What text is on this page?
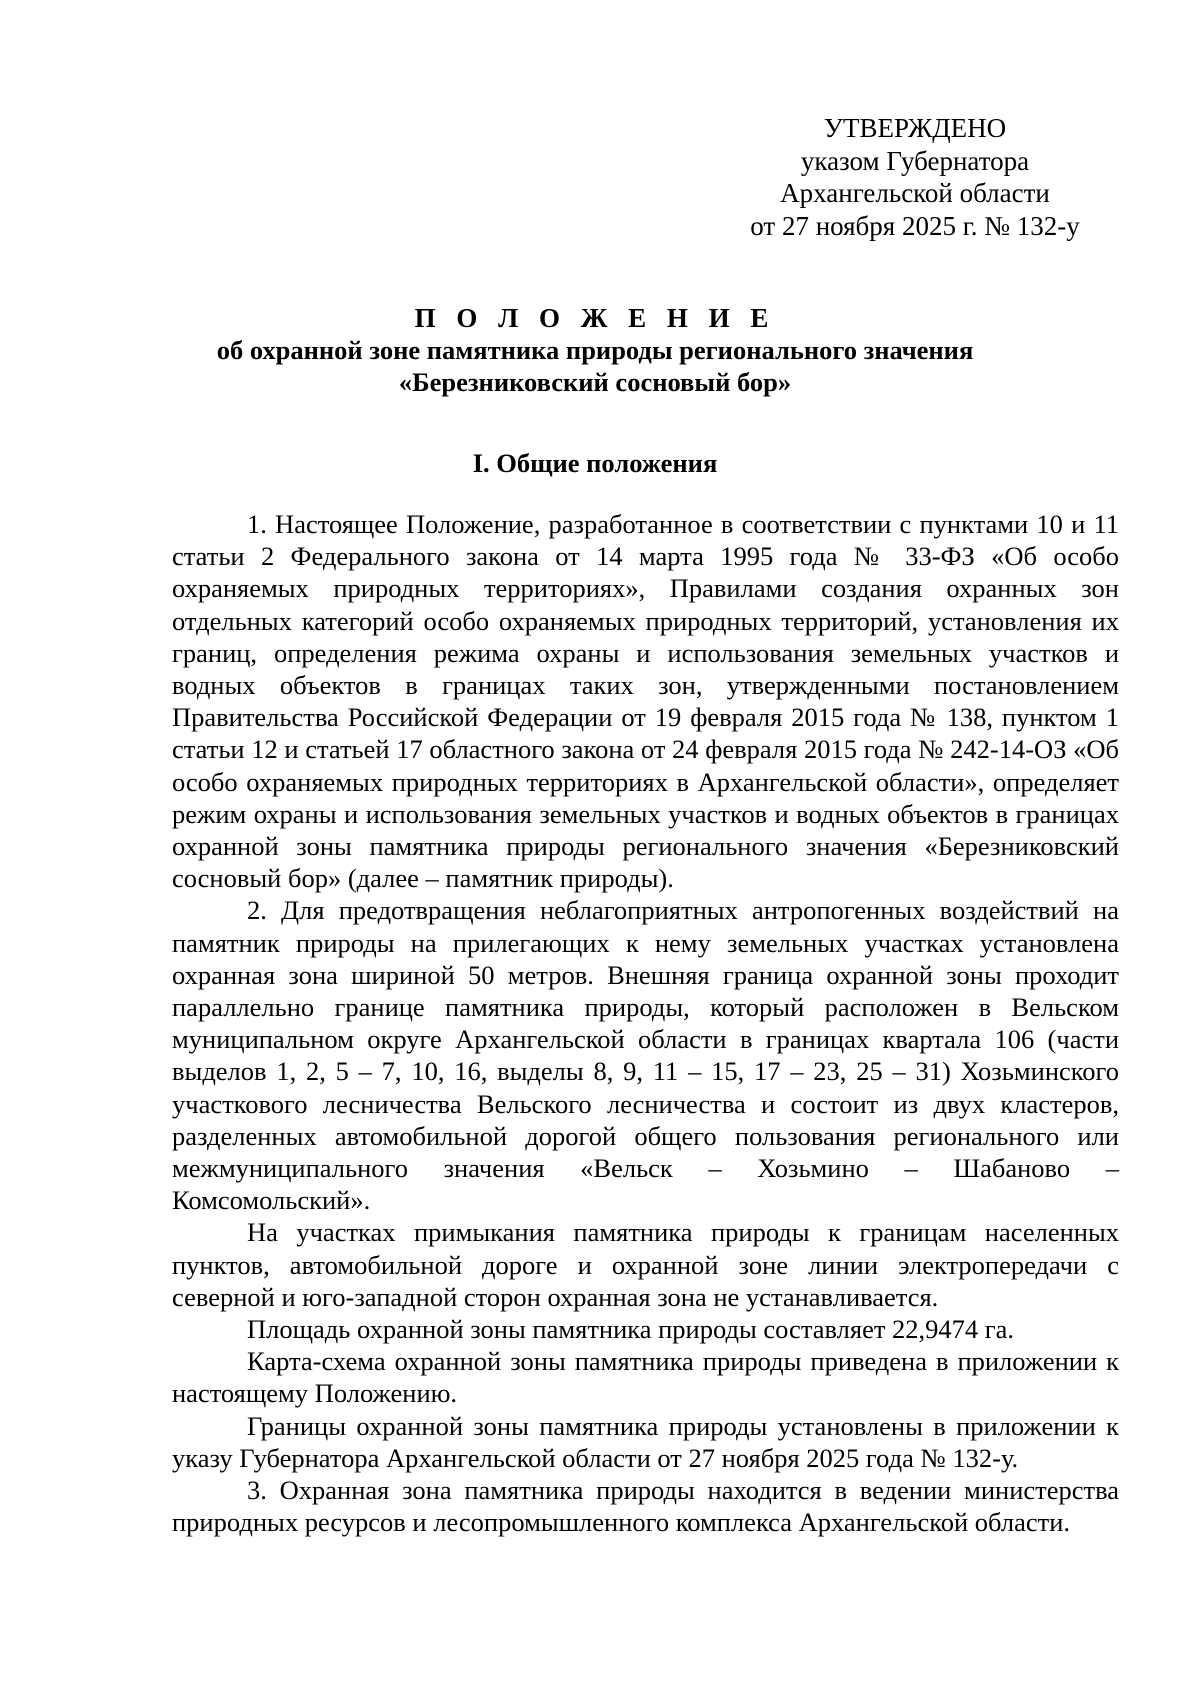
УТВЕРЖДЕНО
указом Губернатора
Архангельской области
от 27 ноября 2025 г. № 132-у
П О Л О Ж Е Н И Е
об охранной зоне памятника природы регионального значения
«Березниковский сосновый бор»
I. Общие положения

1. Настоящее Положение, разработанное в соответствии с пунктами 10 и 11 статьи 2 Федерального закона от 14 марта 1995 года № 33-ФЗ «Об особо охраняемых природных территориях», Правилами создания охранных зон отдельных категорий особо охраняемых природных территорий, установления их границ, определения режима охраны и использования земельных участков и водных объектов в границах таких зон, утвержденными постановлением Правительства Российской Федерации от 19 февраля 2015 года № 138, пунктом 1 статьи 12 и статьей 17 областного закона от 24 февраля 2015 года № 242-14-ОЗ «Об особо охраняемых природных территориях в Архангельской области», определяет режим охраны и использования земельных участков и водных объектов в границах охранной зоны памятника природы регионального значения «Березниковский сосновый бор» (далее – памятник природы).

2. Для предотвращения неблагоприятных антропогенных воздействий на памятник природы на прилегающих к нему земельных участках установлена охранная зона шириной 50 метров. Внешняя граница охранной зоны проходит параллельно границе памятника природы, который расположен в Вельском муниципальном округе Архангельской области в границах квартала 106 (части выделов 1, 2, 5 – 7, 10, 16, выделы 8, 9, 11 – 15, 17 – 23, 25 – 31) Хозьминского участкового лесничества Вельского лесничества и состоит из двух кластеров, разделенных автомобильной дорогой общего пользования регионального или межмуниципального значения «Вельск – Хозьмино – Шабаново – Комсомольский».

На участках примыкания памятника природы к границам населенных пунктов, автомобильной дороге и охранной зоне линии электропередачи с северной и юго-западной сторон охранная зона не устанавливается.

Площадь охранной зоны памятника природы составляет 22,9474 га.

Карта-схема охранной зоны памятника природы приведена в приложении к настоящему Положению.

Границы охранной зоны памятника природы установлены в приложении к указу Губернатора Архангельской области от 27 ноября 2025 года № 132-у.

3. Охранная зона памятника природы находится в ведении министерства природных ресурсов и лесопромышленного комплекса Архангельской области.
